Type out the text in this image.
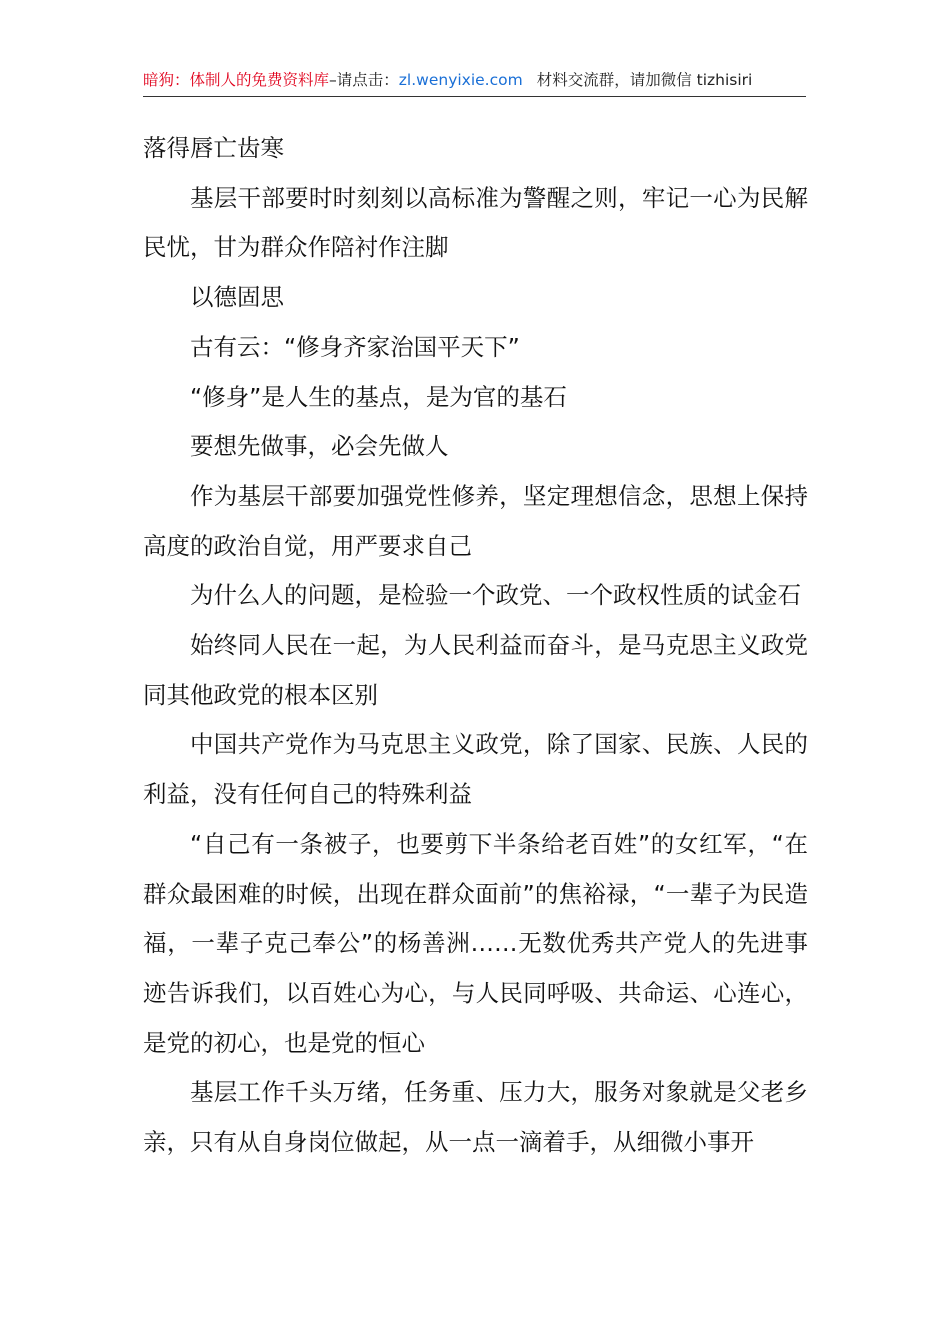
暗狗：体制人的免费资料库–请点击：zl.wenyixie.com 材料交流群，请加微信 tizhisiri

落得唇亡齿寒

基层干部要时时刻刻以高标准为警醒之则，牢记一心为民解民忧，甘为群众作陪衬作注脚

以德固思

古有云：“修身齐家治国平天下”

“修身”是人生的基点，是为官的基石

要想先做事，必会先做人

作为基层干部要加强党性修养，坚定理想信念，思想上保持高度的政治自觉，用严要求自己

为什么人的问题，是检验一个政党、一个政权性质的试金石

始终同人民在一起，为人民利益而奋斗，是马克思主义政党同其他政党的根本区别

中国共产党作为马克思主义政党，除了国家、民族、人民的利益，没有任何自己的特殊利益

“自己有一条被子，也要剪下半条给老百姓”的女红军，“在群众最困难的时候，出现在群众面前”的焦裕禄，“一辈子为民造福，一辈子克己奉公”的杨善洲……无数优秀共产党人的先进事迹告诉我们，以百姓心为心，与人民同呼吸、共命运、心连心，是党的初心，也是党的恒心

基层工作千头万绪，任务重、压力大，服务对象就是父老乡亲，只有从自身岗位做起，从一点一滴着手，从细微小事开
